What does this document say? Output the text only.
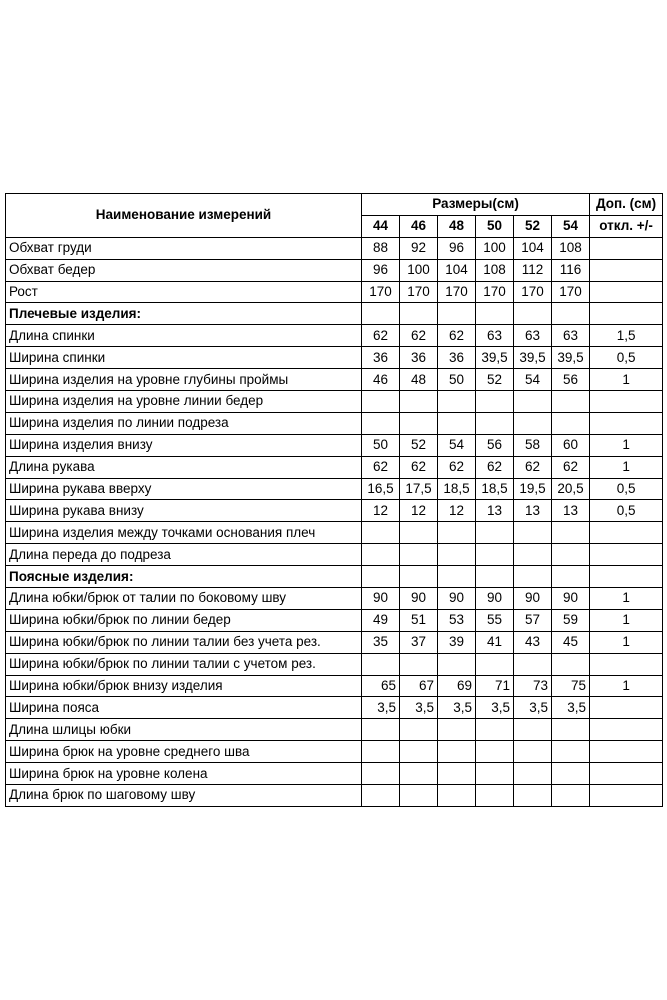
Наименование измерений	Размеры(см)						Доп. (см)
	44	46	48	50	52	54	откл. +/-
Обхват груди	88	92	96	100	104	108	
Обхват бедер	96	100	104	108	112	116	
Рост	170	170	170	170	170	170	
Плечевые изделия:							
Длина спинки	62	62	62	63	63	63	1,5
Ширина спинки	36	36	36	39,5	39,5	39,5	0,5
Ширина изделия на уровне глубины проймы	46	48	50	52	54	56	1
Ширина изделия на уровне линии бедер							
Ширина изделия по линии подреза							
Ширина изделия внизу	50	52	54	56	58	60	1
Длина рукава	62	62	62	62	62	62	1
Ширина рукава вверху	16,5	17,5	18,5	18,5	19,5	20,5	0,5
Ширина рукава внизу	12	12	12	13	13	13	0,5
Ширина изделия между точками основания плеч							
Длина переда до подреза							
Поясные изделия:							
Длина юбки/брюк от талии по боковому шву	90	90	90	90	90	90	1
Ширина юбки/брюк по линии бедер	49	51	53	55	57	59	1
Ширина юбки/брюк по линии талии без учета рез.	35	37	39	41	43	45	1
Ширина юбки/брюк по линии талии с учетом рез.							
Ширина юбки/брюк внизу изделия	65	67	69	71	73	75	1
Ширина пояса	3,5	3,5	3,5	3,5	3,5	3,5	
Длина шлицы юбки							
Ширина брюк на уровне среднего шва							
Ширина брюк на уровне колена							
Длина брюк по шаговому шву							
